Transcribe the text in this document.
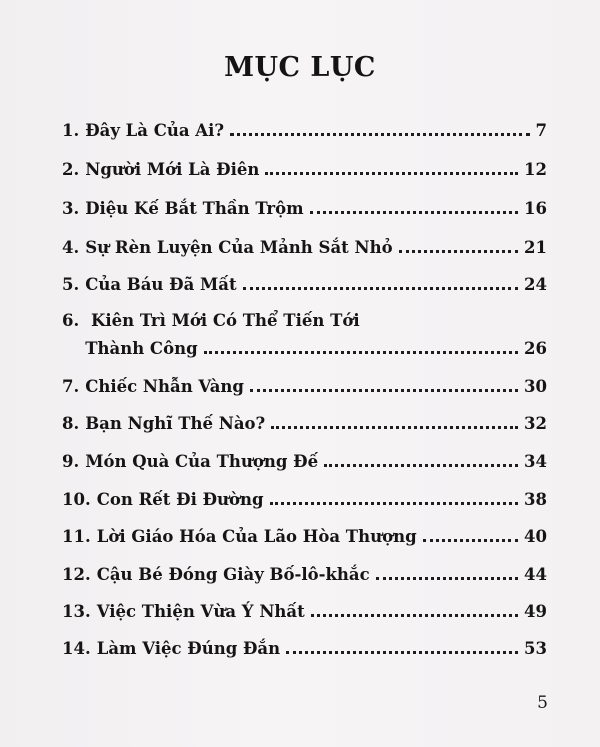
MỤC LỤC
1. Đây Là Của Ai?	7
2. Người Mới Là Điên	12
3. Diệu Kế Bắt Thần Trộm	16
4. Sự Rèn Luyện Của Mảnh Sắt Nhỏ	21
5. Của Báu Đã Mất	24
6. Kiên Trì Mới Có Thể Tiến Tới
Thành Công	26
7. Chiếc Nhẫn Vàng	30
8. Bạn Nghĩ Thế Nào?	32
9. Món Quà Của Thượng Đế	34
10. Con Rết Đi Đường	38
11. Lời Giáo Hóa Của Lão Hòa Thượng	40
12. Cậu Bé Đóng Giày Bố-lô-khắc	44
13. Việc Thiện Vừa Ý Nhất	49
14. Làm Việc Đúng Đắn	53
5
